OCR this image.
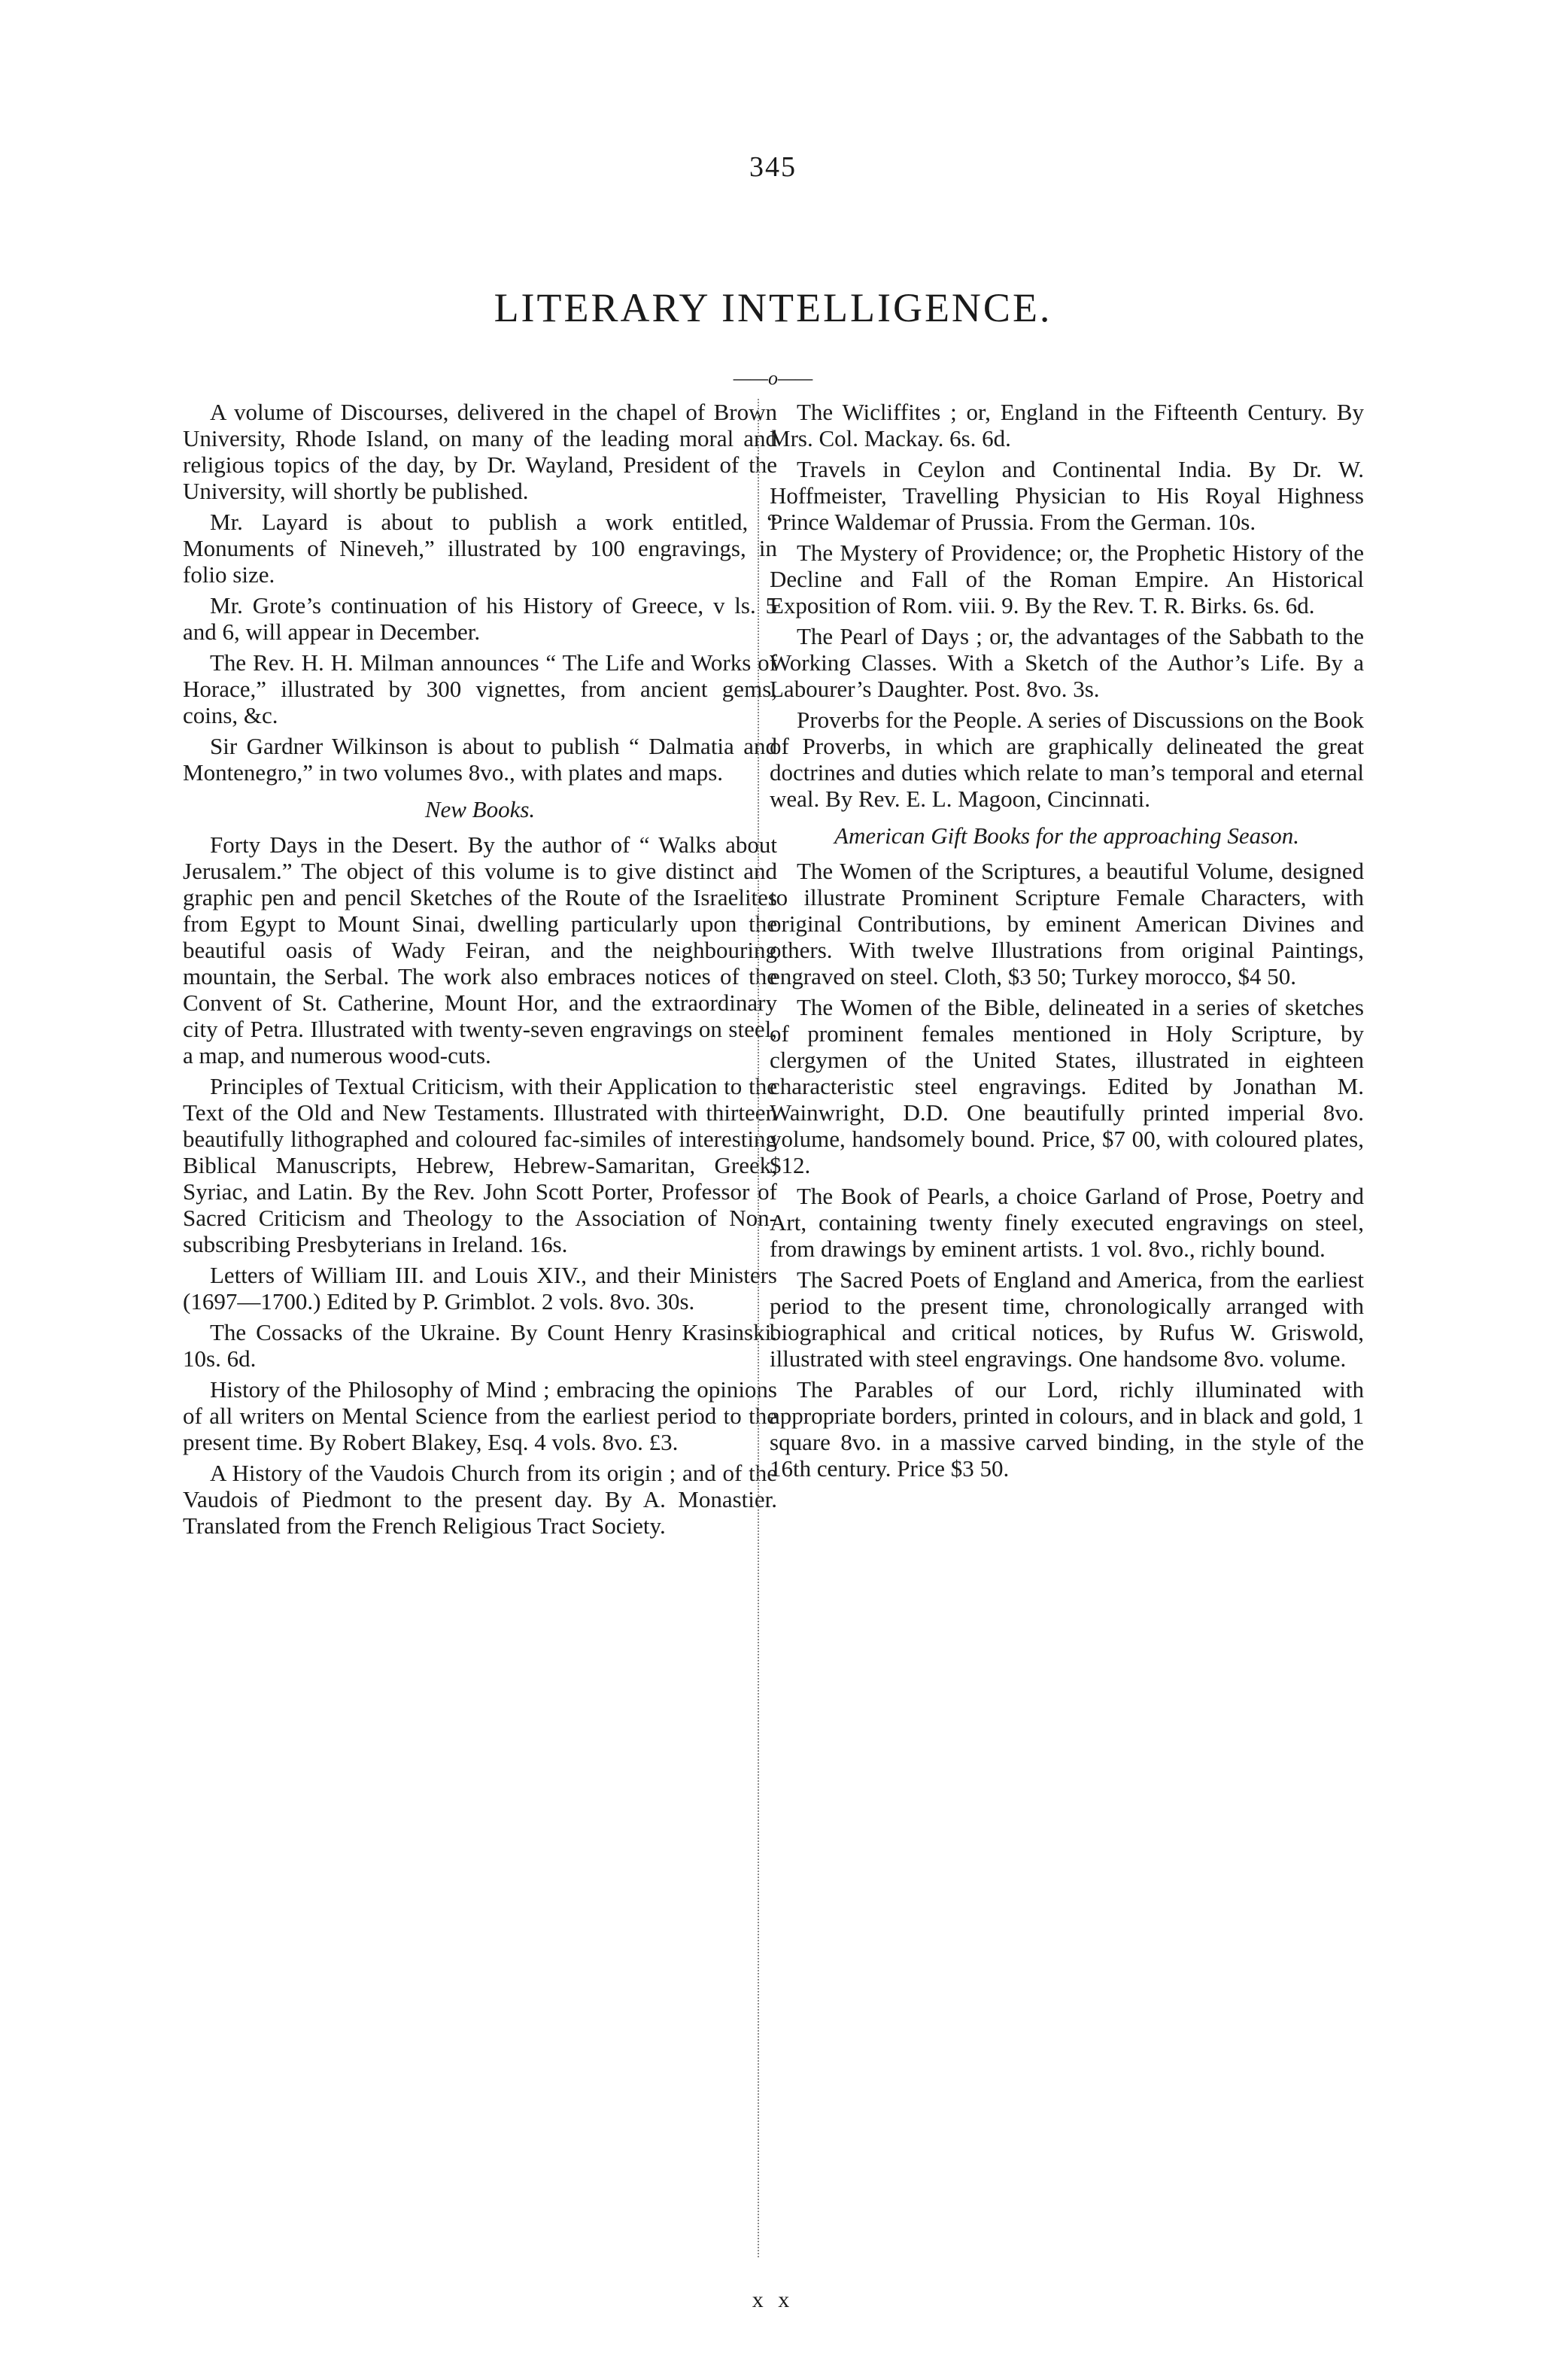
345
LITERARY INTELLIGENCE.
——o——

A volume of Discourses, delivered in the chapel of Brown University, Rhode Island, on many of the leading moral and religious topics of the day, by Dr. Wayland, President of the University, will shortly be published.

Mr. Layard is about to publish a work entitled, “ Monuments of Nineveh,” illustrated by 100 engravings, in folio size.

Mr. Grote’s continuation of his History of Greece, v ls. 5 and 6, will appear in December.

The Rev. H. H. Milman announces “ The Life and Works of Horace,” illustrated by 300 vignettes, from ancient gems, coins, &c.

Sir Gardner Wilkinson is about to publish “ Dalmatia and Montenegro,” in two volumes 8vo., with plates and maps.

New Books.

Forty Days in the Desert. By the author of “ Walks about Jerusalem.” The object of this volume is to give distinct and graphic pen and pencil Sketches of the Route of the Israelites from Egypt to Mount Sinai, dwelling particularly upon the beautiful oasis of Wady Feiran, and the neighbouring mountain, the Serbal. The work also embraces notices of the Convent of St. Catherine, Mount Hor, and the extraordinary city of Petra. Illustrated with twenty-seven engravings on steel, a map, and numerous wood-cuts.

Principles of Textual Criticism, with their Application to the Text of the Old and New Testaments. Illustrated with thirteen beautifully lithographed and coloured fac-similes of interesting Biblical Manuscripts, Hebrew, Hebrew-Samaritan, Greek, Syriac, and Latin. By the Rev. John Scott Porter, Professor of Sacred Criticism and Theology to the Association of Non-subscribing Presbyterians in Ireland. 16s.

Letters of William III. and Louis XIV., and their Ministers (1697—1700.) Edited by P. Grimblot. 2 vols. 8vo. 30s.

The Cossacks of the Ukraine. By Count Henry Krasinski. 10s. 6d.

History of the Philosophy of Mind ; embracing the opinions of all writers on Mental Science from the earliest period to the present time. By Robert Blakey, Esq. 4 vols. 8vo. £3.

A History of the Vaudois Church from its origin ; and of the Vaudois of Piedmont to the present day. By A. Monastier. Translated from the French Religious Tract Society.

The Wicliffites ; or, England in the Fifteenth Century. By Mrs. Col. Mackay. 6s. 6d.

Travels in Ceylon and Continental India. By Dr. W. Hoffmeister, Travelling Physician to His Royal Highness Prince Waldemar of Prussia. From the German. 10s.

The Mystery of Providence; or, the Prophetic History of the Decline and Fall of the Roman Empire. An Historical Exposition of Rom. viii. 9. By the Rev. T. R. Birks. 6s. 6d.

The Pearl of Days ; or, the advantages of the Sabbath to the Working Classes. With a Sketch of the Author’s Life. By a Labourer’s Daughter. Post. 8vo. 3s.

Proverbs for the People. A series of Discussions on the Book of Proverbs, in which are graphically delineated the great doctrines and duties which relate to man’s temporal and eternal weal. By Rev. E. L. Magoon, Cincinnati.

American Gift Books for the approaching Season.

The Women of the Scriptures, a beautiful Volume, designed to illustrate Prominent Scripture Female Characters, with original Contributions, by eminent American Divines and others. With twelve Illustrations from original Paintings, engraved on steel. Cloth, $3 50; Turkey morocco, $4 50.

The Women of the Bible, delineated in a series of sketches of prominent females mentioned in Holy Scripture, by clergymen of the United States, illustrated in eighteen characteristic steel engravings. Edited by Jonathan M. Wainwright, D.D. One beautifully printed imperial 8vo. volume, handsomely bound. Price, $7 00, with coloured plates, $12.

The Book of Pearls, a choice Garland of Prose, Poetry and Art, containing twenty finely executed engravings on steel, from drawings by eminent artists. 1 vol. 8vo., richly bound.

The Sacred Poets of England and America, from the earliest period to the present time, chronologically arranged with biographical and critical notices, by Rufus W. Griswold, illustrated with steel engravings. One handsome 8vo. volume.

The Parables of our Lord, richly illuminated with appropriate borders, printed in colours, and in black and gold, 1 square 8vo. in a massive carved binding, in the style of the 16th century. Price $3 50.

x x
